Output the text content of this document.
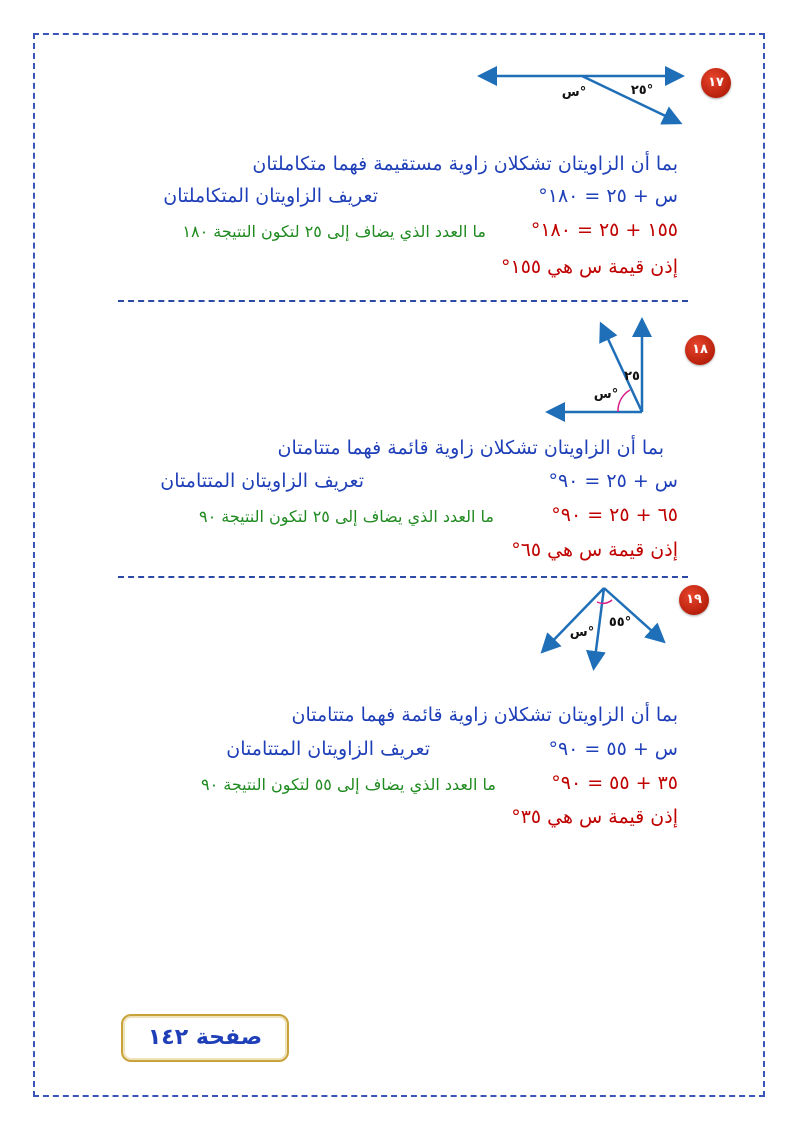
١٧
س°	٢٥°
بما أن الزاويتان تشكلان زاوية مستقيمة فهما متكاملتان
س + ٢٥ = ١٨٠°
تعريف الزاويتان المتكاملتان
١٥٥ + ٢٥ = ١٨٠°
ما العدد الذي يضاف إلى ٢٥ لتكون النتيجة ١٨٠
إذن قيمة س هي ١٥٥°
١٨
س°
٢٥
بما أن الزاويتان تشكلان زاوية قائمة فهما متتامتان
س + ٢٥ = ٩٠°
تعريف الزاويتان المتتامتان
٦٥ + ٢٥ = ٩٠°
ما العدد الذي يضاف إلى ٢٥ لتكون النتيجة ٩٠
إذن قيمة س هي ٦٥°
١٩
س°
٥٥°
بما أن الزاويتان تشكلان زاوية قائمة فهما متتامتان
س + ٥٥ = ٩٠°
تعريف الزاويتان المتتامتان
٣٥ + ٥٥ = ٩٠°
ما العدد الذي يضاف إلى ٥٥ لتكون النتيجة ٩٠
إذن قيمة س هي ٣٥°
صفحة ١٤٢
